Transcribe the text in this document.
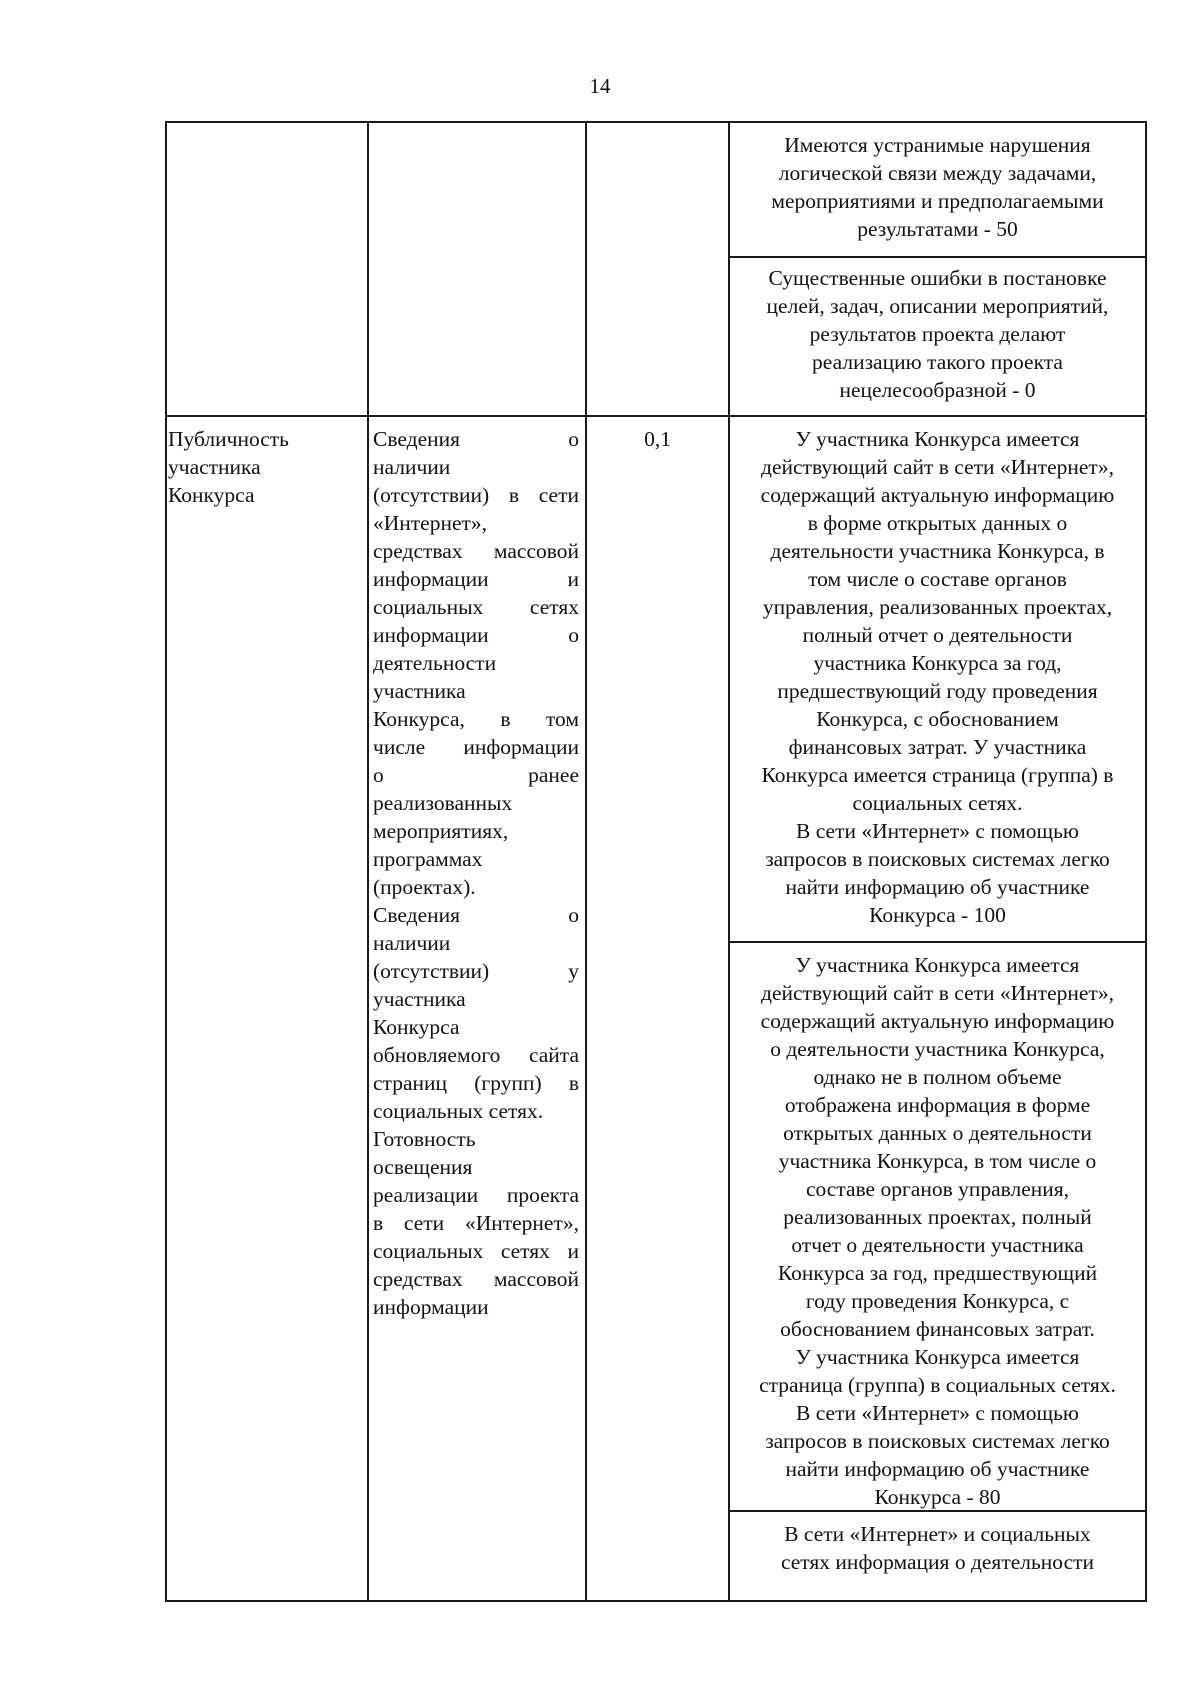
14

Имеются устранимые нарушения

логической связи между задачами,

мероприятиями и предполагаемыми

результатами - 50

Существенные ошибки в постановке

целей, задач, описании мероприятий,

результатов проекта делают

реализацию такого проекта

нецелесообразной - 0

Публичность

участника

Конкурса

Сведения о

наличии

(отсутствии) в сети

«Интернет»,

средствах массовой

информации и

социальных сетях

информации о

деятельности

участника

Конкурса, в том

числе информации

о ранее

реализованных

мероприятиях,

программах

(проектах).

Сведения о

наличии

(отсутствии) у

участника

Конкурса

обновляемого сайта

страниц (групп) в

социальных сетях.

Готовность

освещения

реализации проекта

в сети «Интернет»,

социальных сетях и

средствах массовой

информации

0,1	У участника Конкурса имеется

действующий сайт в сети «Интернет»,

содержащий актуальную информацию

в форме открытых данных о

деятельности участника Конкурса, в

том числе о составе органов

управления, реализованных проектах,

полный отчет о деятельности

участника Конкурса за год,

предшествующий году проведения

Конкурса, с обоснованием

финансовых затрат. У участника

Конкурса имеется страница (группа) в

социальных сетях.

В сети «Интернет» с помощью

запросов в поисковых системах легко

найти информацию об участнике

Конкурса - 100

У участника Конкурса имеется

действующий сайт в сети «Интернет»,

содержащий актуальную информацию

о деятельности участника Конкурса,

однако не в полном объеме

отображена информация в форме

открытых данных о деятельности

участника Конкурса, в том числе о

составе органов управления,

реализованных проектах, полный

отчет о деятельности участника

Конкурса за год, предшествующий

году проведения Конкурса, с

обоснованием финансовых затрат.

У участника Конкурса имеется

страница (группа) в социальных сетях.

В сети «Интернет» с помощью

запросов в поисковых системах легко

найти информацию об участнике

Конкурса - 80

В сети «Интернет» и социальных

сетях информация о деятельности
